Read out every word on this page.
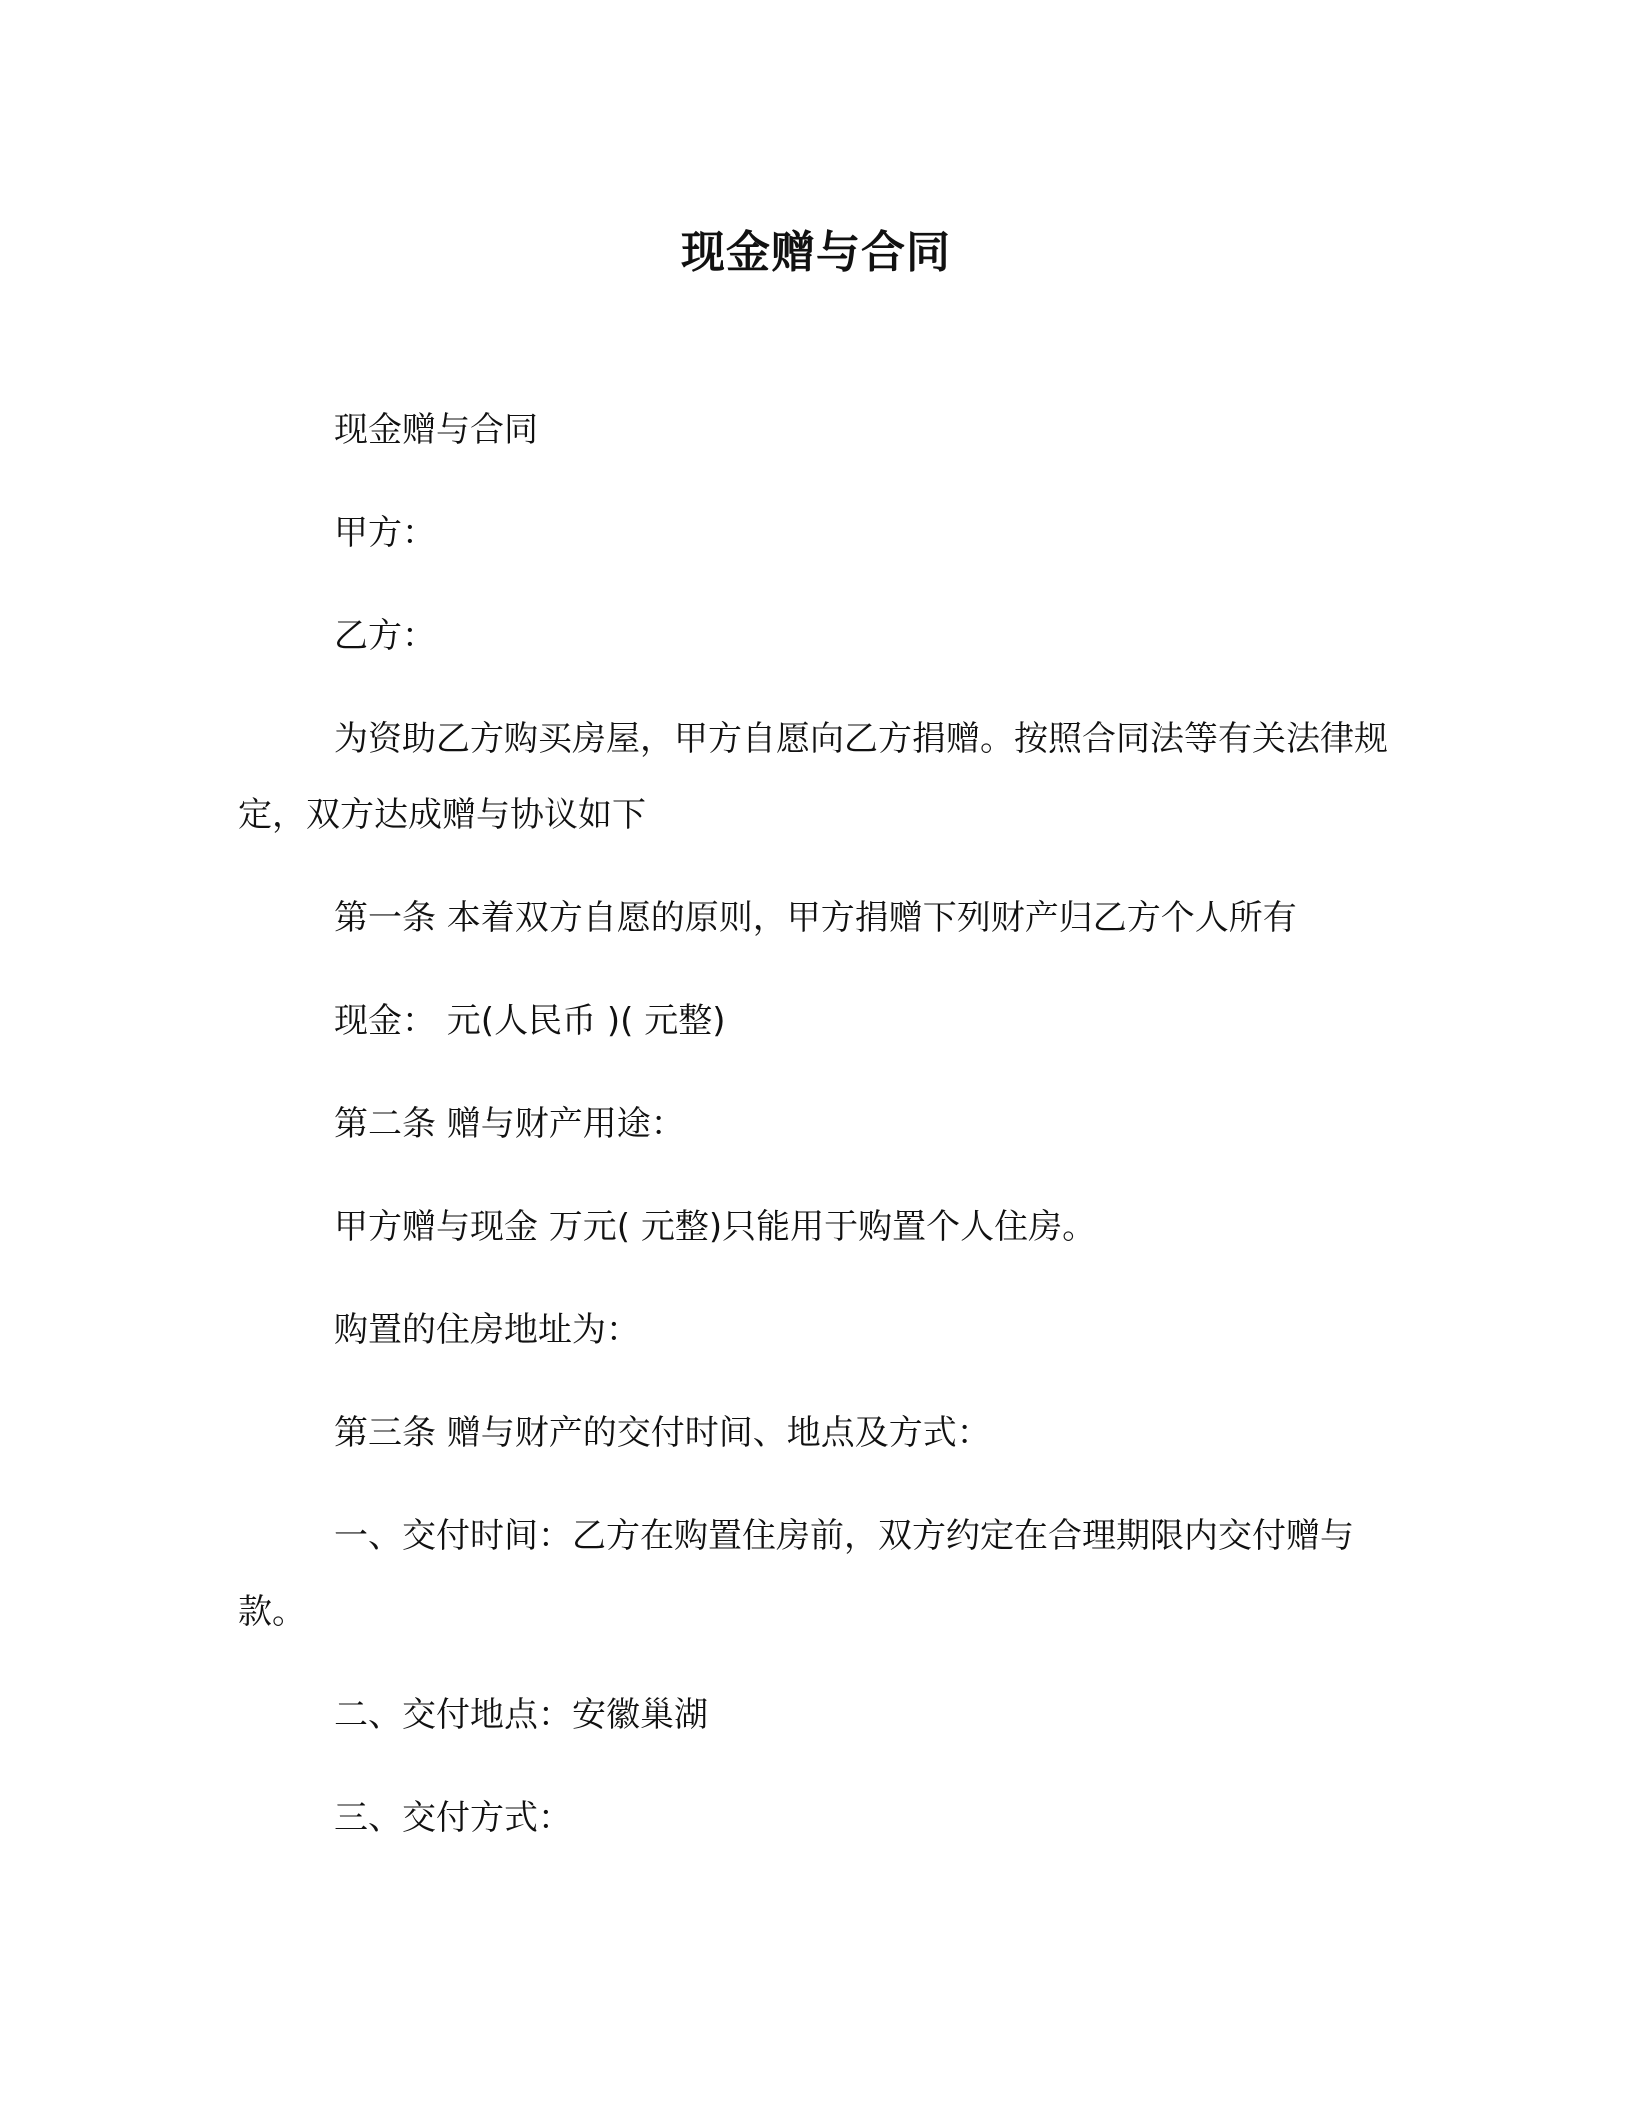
现金赠与合同

现金赠与合同

甲方：

乙方：

为资助乙方购买房屋，甲方自愿向乙方捐赠。按照合同法等有关法律规定，双方达成赠与协议如下

第一条 本着双方自愿的原则，甲方捐赠下列财产归乙方个人所有

现金： 元(人民币 )( 元整)

第二条 赠与财产用途：

甲方赠与现金 万元( 元整)只能用于购置个人住房。

购置的住房地址为：

第三条 赠与财产的交付时间、地点及方式：

一、交付时间：乙方在购置住房前，双方约定在合理期限内交付赠与款。

二、交付地点：安徽巢湖

三、交付方式：
